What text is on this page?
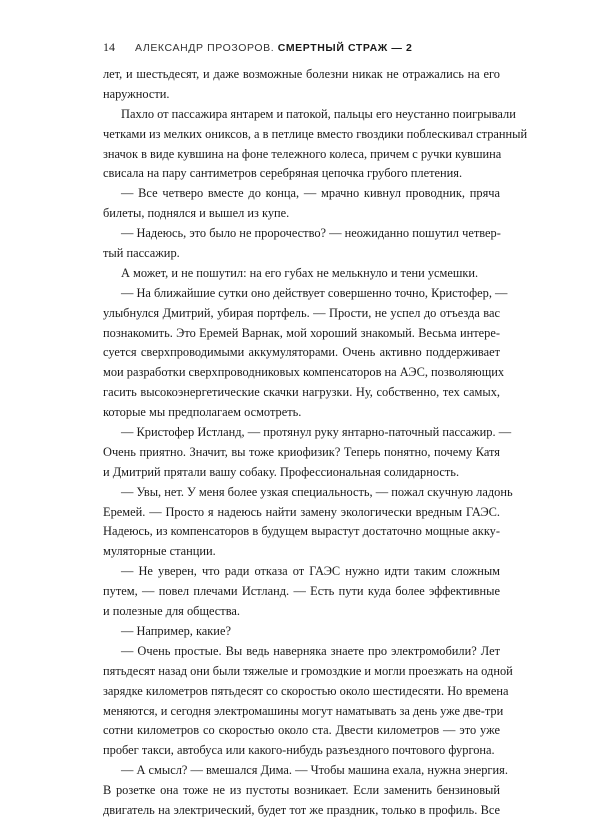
14 АЛЕКСАНДР ПРОЗОРОВ. СМЕРТНЫЙ СТРАЖ — 2
лет, и шестьдесят, и даже возможные болезни никак не отражались на его
наружности.
Пахло от пассажира янтарем и патокой, пальцы его неустанно поигрывали
четками из мелких ониксов, а в петлице вместо гвоздики поблескивал странный
значок в виде кувшина на фоне тележного колеса, причем с ручки кувшина
свисала на пару сантиметров серебряная цепочка грубого плетения.
— Все четверо вместе до конца, — мрачно кивнул проводник, пряча
билеты, поднялся и вышел из купе.
— Надеюсь, это было не пророчество? — неожиданно пошутил четвер-
тый пассажир.
А может, и не пошутил: на его губах не мелькнуло и тени усмешки.
— На ближайшие сутки оно действует совершенно точно, Кристофер, —
улыбнулся Дмитрий, убирая портфель. — Прости, не успел до отъезда вас
познакомить. Это Еремей Варнак, мой хороший знакомый. Весьма интере-
суется сверхпроводимыми аккумуляторами. Очень активно поддерживает
мои разработки сверхпроводниковых компенсаторов на АЭС, позволяющих
гасить высокоэнергетические скачки нагрузки. Ну, собственно, тех самых,
которые мы предполагаем осмотреть.
— Кристофер Истланд, — протянул руку янтарно-паточный пассажир. —
Очень приятно. Значит, вы тоже криофизик? Теперь понятно, почему Катя
и Дмитрий прятали вашу собаку. Профессиональная солидарность.
— Увы, нет. У меня более узкая специальность, — пожал скучную ладонь
Еремей. — Просто я надеюсь найти замену экологически вредным ГАЭС.
Надеюсь, из компенсаторов в будущем вырастут достаточно мощные акку-
муляторные станции.
— Не уверен, что ради отказа от ГАЭС нужно идти таким сложным
путем, — повел плечами Истланд. — Есть пути куда более эффективные
и полезные для общества.
— Например, какие?
— Очень простые. Вы ведь наверняка знаете про электромобили? Лет
пятьдесят назад они были тяжелые и громоздкие и могли проезжать на одной
зарядке километров пятьдесят со скоростью около шестидесяти. Но времена
меняются, и сегодня электромашины могут наматывать за день уже две-три
сотни километров со скоростью около ста. Двести километров — это уже
пробег такси, автобуса или какого-нибудь разъездного почтового фургона.
— А смысл? — вмешался Дима. — Чтобы машина ехала, нужна энергия.
В розетке она тоже не из пустоты возникает. Если заменить бензиновый
двигатель на электрический, будет тот же праздник, только в профиль. Все
